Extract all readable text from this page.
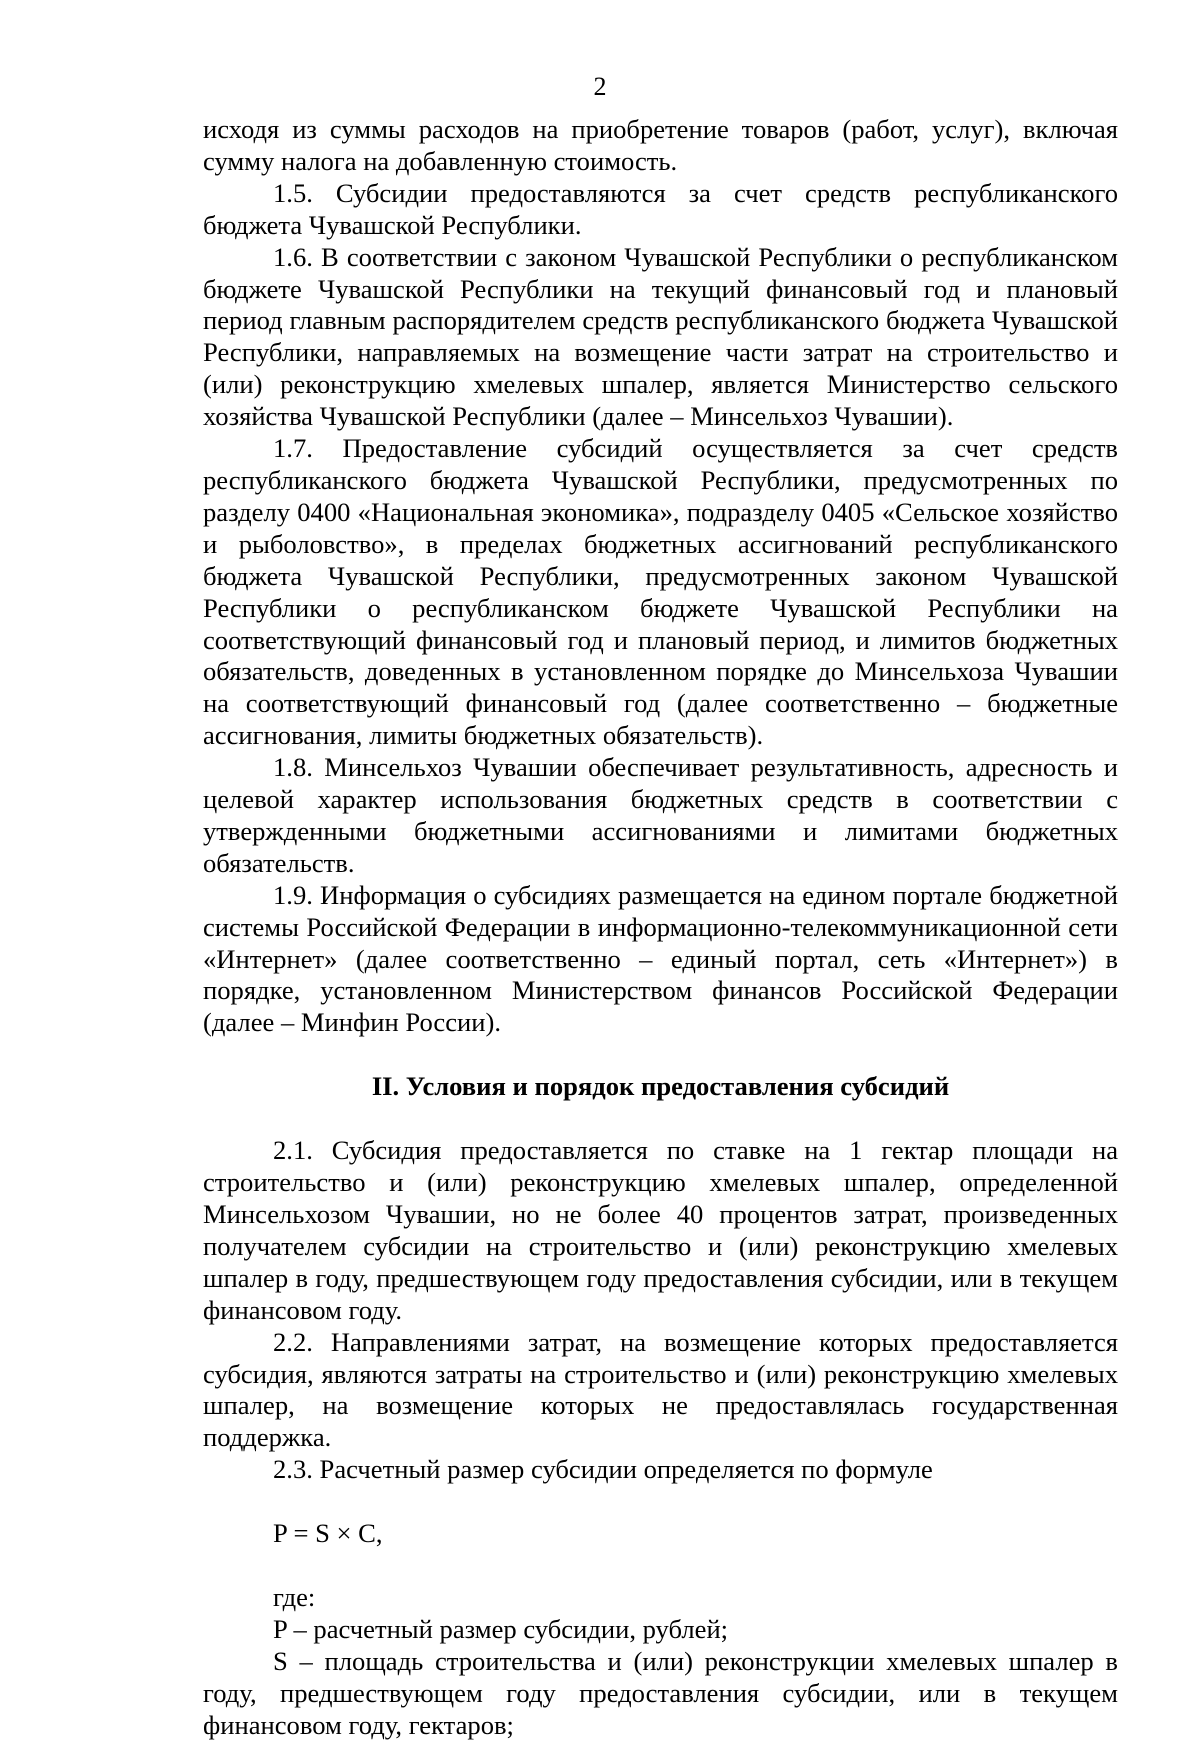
2

исходя из суммы расходов на приобретение товаров (работ, услуг), включая сумму налога на добавленную стоимость.

1.5. Субсидии предоставляются за счет средств республиканского бюджета Чувашской Республики.

1.6. В соответствии с законом Чувашской Республики о республиканском бюджете Чувашской Республики на текущий финансовый год и плановый период главным распорядителем средств республиканского бюджета Чувашской Республики, направляемых на возмещение части затрат на строительство и (или) реконструкцию хмелевых шпалер, является Министерство сельского хозяйства Чувашской Республики (далее – Минсельхоз Чувашии).

1.7. Предоставление субсидий осуществляется за счет средств республиканского бюджета Чувашской Республики, предусмотренных по разделу 0400 «Национальная экономика», подразделу 0405 «Сельское хозяйство и рыболовство», в пределах бюджетных ассигнований республиканского бюджета Чувашской Республики, предусмотренных законом Чувашской Республики о республиканском бюджете Чувашской Республики на соответствующий финансовый год и плановый период, и лимитов бюджетных обязательств, доведенных в установленном порядке до Минсельхоза Чувашии на соответствующий финансовый год (далее соответственно – бюджетные ассигнования, лимиты бюджетных обязательств).

1.8. Минсельхоз Чувашии обеспечивает результативность, адресность и целевой характер использования бюджетных средств в соответствии с утвержденными бюджетными ассигнованиями и лимитами бюджетных обязательств.

1.9. Информация о субсидиях размещается на едином портале бюджетной системы Российской Федерации в информационно-телекоммуникационной сети «Интернет» (далее соответственно – единый портал, сеть «Интернет») в порядке, установленном Министерством финансов Российской Федерации (далее – Минфин России).

II. Условия и порядок предоставления субсидий

2.1. Субсидия предоставляется по ставке на 1 гектар площади на строительство и (или) реконструкцию хмелевых шпалер, определенной Минсельхозом Чувашии, но не более 40 процентов затрат, произведенных получателем субсидии на строительство и (или) реконструкцию хмелевых шпалер в году, предшествующем году предоставления субсидии, или в текущем финансовом году.

2.2. Направлениями затрат, на возмещение которых предоставляется субсидия, являются затраты на строительство и (или) реконструкцию хмелевых шпалер, на возмещение которых не предоставлялась государственная поддержка.

2.3. Расчетный размер субсидии определяется по формуле

P = S × C,

где:

P – расчетный размер субсидии, рублей;

S – площадь строительства и (или) реконструкции хмелевых шпалер в году, предшествующем году предоставления субсидии, или в текущем финансовом году, гектаров;
